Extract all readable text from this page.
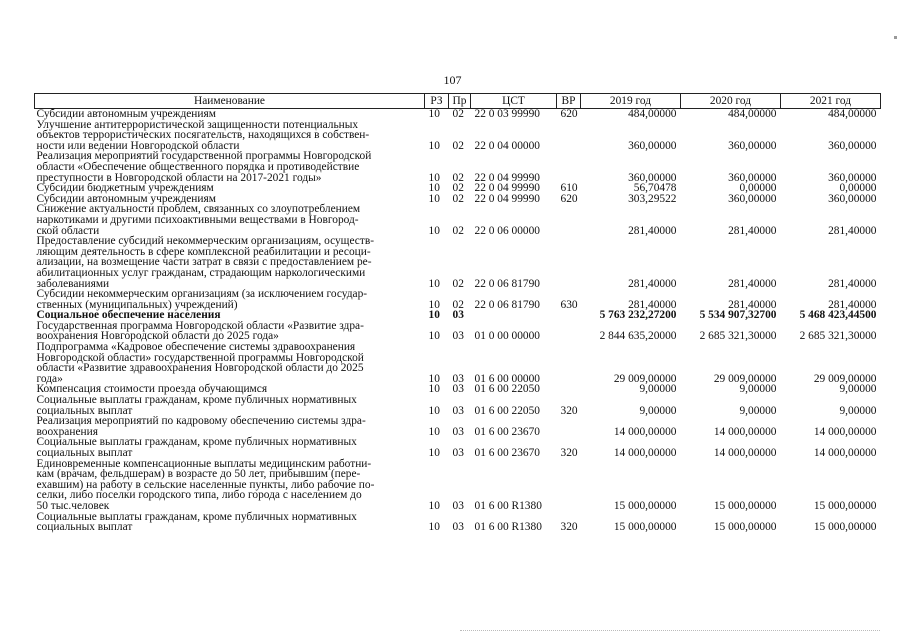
107
Наименование	РЗ	Пр	ЦСТ	ВР	2019 год	2020 год	2021 год

Субсидии автономным учреждениям	10	02	22 0 03 99990	620	484,00000	484,00000	484,00000

Улучшение антитеррористической защищенности потенциальных
объектов террористических посягательств, находящихся в собствен-
ности или ведении Новгородской области	10	02	22 0 04 00000		360,00000	360,00000	360,00000

Реализация мероприятий государственной программы Новгородской
области «Обеспечение общественного порядка и противодействие
преступности в Новгородской области на 2017-2021 годы»	10	02	22 0 04 99990		360,00000	360,00000	360,00000

Субсидии бюджетным учреждениям	10	02	22 0 04 99990	610	56,70478	0,00000	0,00000

Субсидии автономным учреждениям	10	02	22 0 04 99990	620	303,29522	360,00000	360,00000

Снижение актуальности проблем, связанных со злоупотреблением
наркотиками и другими психоактивными веществами в Новгород-
ской области	10	02	22 0 06 00000		281,40000	281,40000	281,40000

Предоставление субсидий некоммерческим организациям, осуществ-
ляющим деятельность в сфере комплексной реабилитации и ресоци-
ализации, на возмещение части затрат в связи с предоставлением ре-
абилитационных услуг гражданам, страдающим наркологическими
заболеваниями	10	02	22 0 06 81790		281,40000	281,40000	281,40000

Субсидии некоммерческим организациям (за исключением государ-
ственных (муниципальных) учреждений)	10	02	22 0 06 81790	630	281,40000	281,40000	281,40000

Социальное обеспечение населения	10	03			5 763 232,27200	5 534 907,32700	5 468 423,44500

Государственная программа Новгородской области «Развитие здра-
воохранения Новгородской области до 2025 года»	10	03	01 0 00 00000		2 844 635,20000	2 685 321,30000	2 685 321,30000

Подпрограмма «Кадровое обеспечение системы здравоохранения
Новгородской области» государственной программы Новгородской
области «Развитие здравоохранения Новгородской области до 2025
года»	10	03	01 6 00 00000		29 009,00000	29 009,00000	29 009,00000

Компенсация стоимости проезда обучающимся	10	03	01 6 00 22050		9,00000	9,00000	9,00000

Социальные выплаты гражданам, кроме публичных нормативных
социальных выплат	10	03	01 6 00 22050	320	9,00000	9,00000	9,00000

Реализация мероприятий по кадровому обеспечению системы здра-
воохранения	10	03	01 6 00 23670		14 000,00000	14 000,00000	14 000,00000

Социальные выплаты гражданам, кроме публичных нормативных
социальных выплат	10	03	01 6 00 23670	320	14 000,00000	14 000,00000	14 000,00000

Единовременные компенсационные выплаты медицинским работни-
кам (врачам, фельдшерам) в возрасте до 50 лет, прибывшим (пере-
ехавшим) на работу в сельские населенные пункты, либо рабочие по-
селки, либо поселки городского типа, либо города с населением до
50 тыс.человек	10	03	01 6 00 R1380		15 000,00000	15 000,00000	15 000,00000

Социальные выплаты гражданам, кроме публичных нормативных
социальных выплат	10	03	01 6 00 R1380	320	15 000,00000	15 000,00000	15 000,00000
